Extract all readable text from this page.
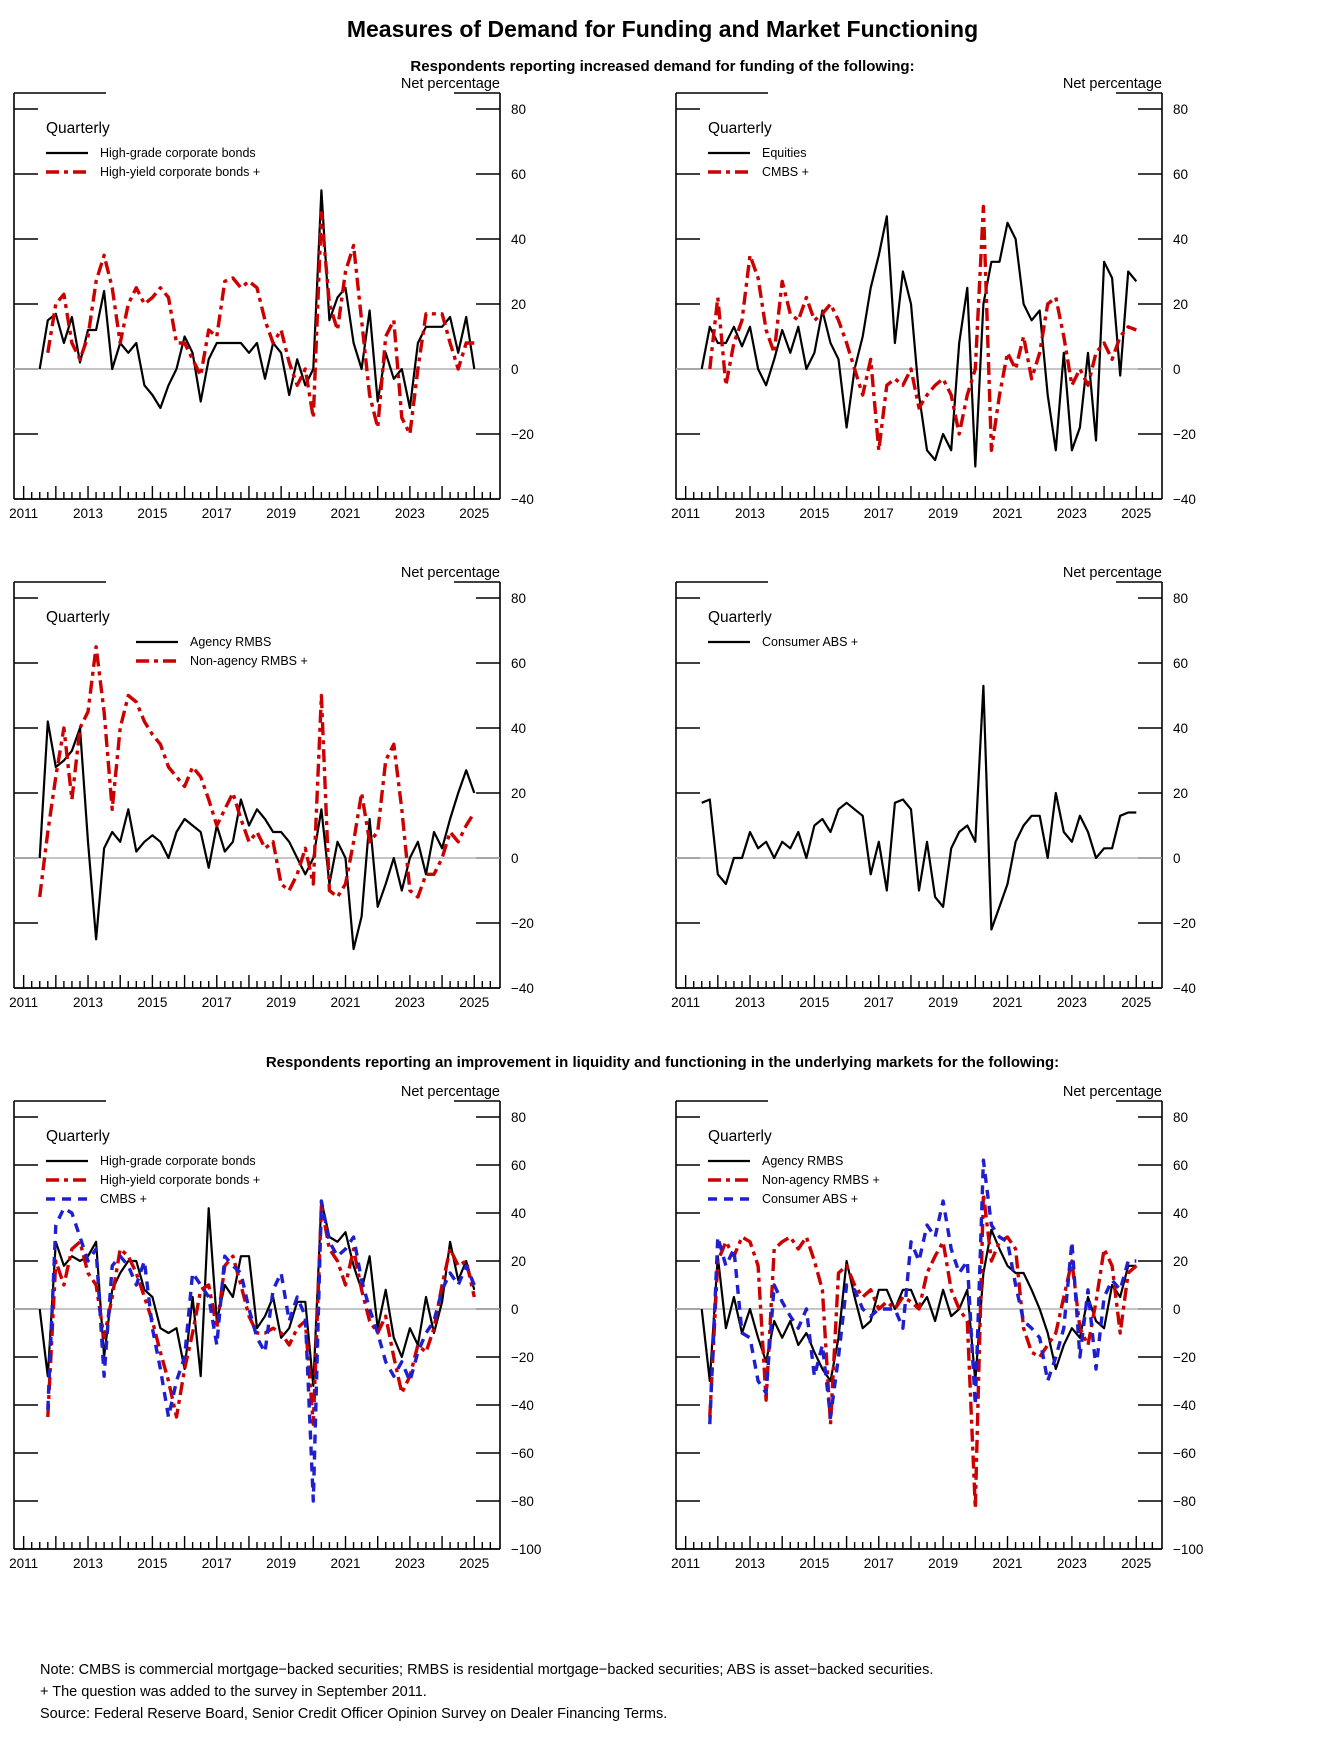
Measures of Demand for Funding and Market Functioning
Respondents reporting increased demand for funding of the following:
Net percentage
80
60
40
20
0
−20
−40
2011	2013	2015	2017	2019	2021	2023	2025
Quarterly
High-grade corporate bonds
High-yield corporate bonds +
Net percentage
80
60
40
20
0
−20
−40
2011	2013	2015	2017	2019	2021	2023	2025
Quarterly
Equities
CMBS +
Net percentage
80
60
40
20
0
−20
−40
2011	2013	2015	2017	2019	2021	2023	2025
Quarterly
Agency RMBS
Non-agency RMBS +
Net percentage
80
60
40
20
0
−20
−40
2011	2013	2015	2017	2019	2021	2023	2025
Quarterly
Consumer ABS +
Respondents reporting an improvement in liquidity and functioning in the underlying markets for the following:
Net percentage
80
60
40
20
0
−20
−40
−60
−80
−100
2011	2013	2015	2017	2019	2021	2023	2025
Quarterly
High-grade corporate bonds
High-yield corporate bonds +
CMBS +
Net percentage
80
60
40
20
0
−20
−40
−60
−80
−100
2011	2013	2015	2017	2019	2021	2023	2025
Quarterly
Agency RMBS
Non-agency RMBS +
Consumer ABS +
Note: CMBS is commercial mortgage−backed securities; RMBS is residential mortgage−backed securities; ABS is asset−backed securities.
+ The question was added to the survey in September 2011.
Source: Federal Reserve Board, Senior Credit Officer Opinion Survey on Dealer Financing Terms.
